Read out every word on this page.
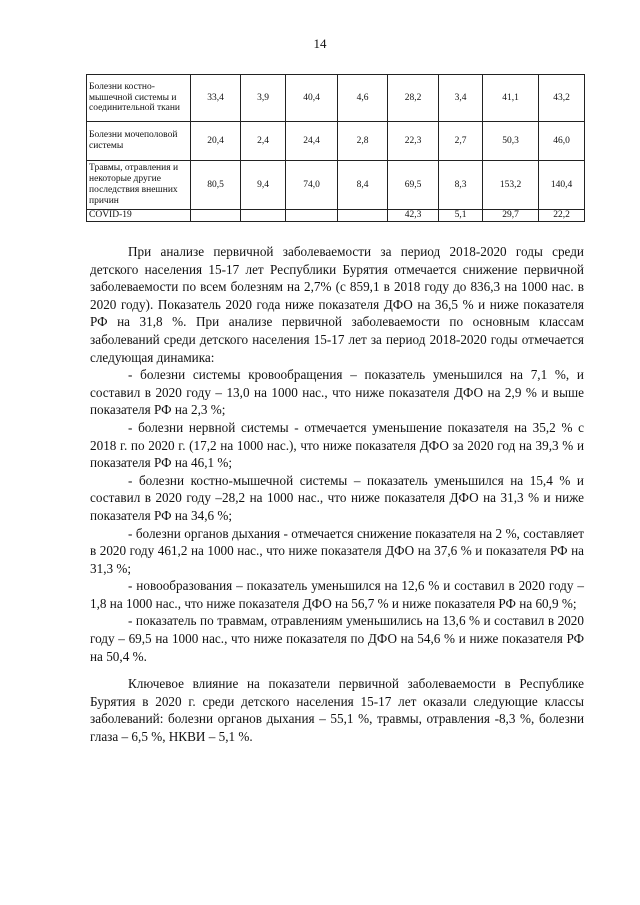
14
Болезни костно-мышечной системы и соединительной ткани	33,4	3,9	40,4	4,6	28,2	3,4	41,1	43,2
Болезни мочеполовой системы	20,4	2,4	24,4	2,8	22,3	2,7	50,3	46,0
Травмы, отравления и некоторые другие последствия внешних причин	80,5	9,4	74,0	8,4	69,5	8,3	153,2	140,4
COVID-19					42,3	5,1	29,7	22,2

При анализе первичной заболеваемости за период 2018-2020 годы среди детского населения 15-17 лет Республики Бурятия отмечается снижение первичной заболеваемости по всем болезням на 2,7% (с 859,1 в 2018 году до 836,3 на 1000 нас. в 2020 году). Показатель 2020 года ниже показателя ДФО на 36,5 % и ниже показателя РФ на 31,8 %. При анализе первичной заболеваемости по основным классам заболеваний среди детского населения 15-17 лет за период 2018-2020 годы отмечается следующая динамика:

- болезни системы кровообращения – показатель уменьшился на 7,1 %, и составил в 2020 году – 13,0 на 1000 нас., что ниже показателя ДФО на 2,9 % и выше показателя РФ на 2,3 %;

- болезни нервной системы - отмечается уменьшение показателя на 35,2 % с 2018 г. по 2020 г. (17,2 на 1000 нас.), что ниже показателя ДФО за 2020 год на 39,3 % и показателя РФ на 46,1 %;

- болезни костно-мышечной системы – показатель уменьшился на 15,4 % и составил в 2020 году –28,2 на 1000 нас., что ниже показателя ДФО на 31,3 % и ниже показателя РФ на 34,6 %;

- болезни органов дыхания - отмечается снижение показателя на 2 %, составляет в 2020 году 461,2 на 1000 нас., что ниже показателя ДФО на 37,6 % и показателя РФ на 31,3 %;

- новообразования – показатель уменьшился на 12,6 % и составил в 2020 году – 1,8 на 1000 нас., что ниже показателя ДФО на 56,7 % и ниже показателя РФ на 60,9 %;

- показатель по травмам, отравлениям уменьшились на 13,6 % и составил в 2020 году – 69,5 на 1000 нас., что ниже показателя по ДФО на 54,6 % и ниже показателя РФ на 50,4 %.

Ключевое влияние на показатели первичной заболеваемости в Республике Бурятия в 2020 г. среди детского населения 15-17 лет оказали следующие классы заболеваний: болезни органов дыхания – 55,1 %, травмы, отравления -8,3 %, болезни глаза – 6,5 %, НКВИ – 5,1 %.
